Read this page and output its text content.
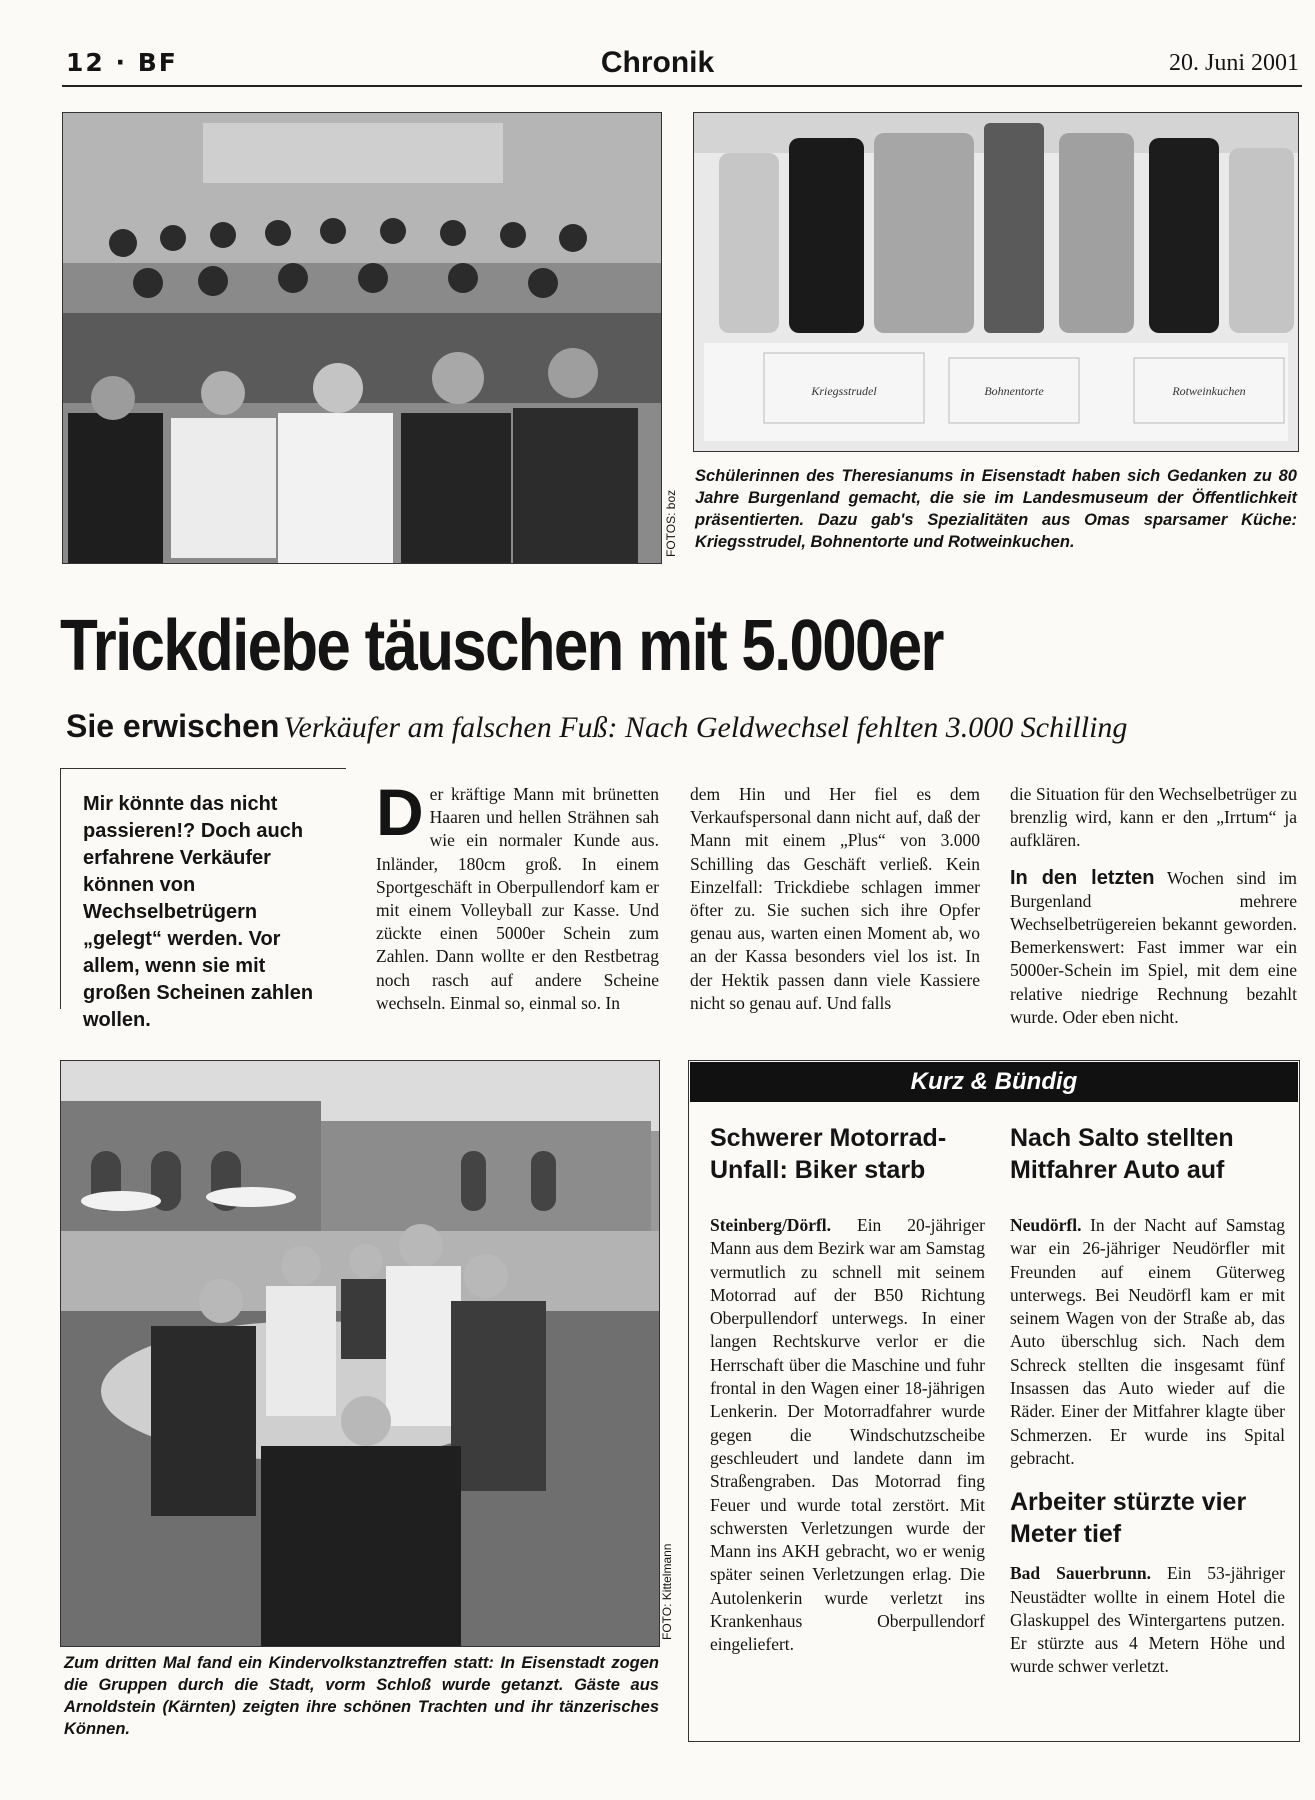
12 · BF	Chronik	20. Juni 2001
FOTOS: boz
Kriegsstrudel	Bohnentorte	Rotweinkuchen
Schülerinnen des Theresianums in Eisenstadt haben sich Gedanken zu 80 Jahre Burgenland gemacht, die sie im Landesmuseum der Öffentlichkeit präsentierten. Dazu gab's Spezialitäten aus Omas sparsamer Küche: Kriegsstrudel, Bohnentorte und Rotweinkuchen.
Trickdiebe täuschen mit 5.000er
Sie erwischen Verkäufer am falschen Fuß: Nach Geldwechsel fehlten 3.000 Schilling

Mir könnte das nicht passieren!? Doch auch erfahrene Verkäufer können von Wechselbetrügern „gelegt“ werden. Vor allem, wenn sie mit großen Scheinen zahlen wollen.

D er kräftige Mann mit brünetten Haaren und hellen Strähnen sah wie ein normaler Kunde aus. Inländer, 180cm groß. In einem Sportgeschäft in Oberpullendorf kam er mit einem Volleyball zur Kasse. Und zückte einen 5000er Schein zum Zahlen. Dann wollte er den Restbetrag noch rasch auf andere Scheine wechseln. Einmal so, einmal so. In

dem Hin und Her fiel es dem Verkaufspersonal dann nicht auf, daß der Mann mit einem „Plus“ von 3.000 Schilling das Geschäft verließ. Kein Einzelfall: Trickdiebe schlagen immer öfter zu. Sie suchen sich ihre Opfer genau aus, warten einen Moment ab, wo an der Kassa besonders viel los ist. In der Hektik passen dann viele Kassiere nicht so genau auf. Und falls

die Situation für den Wechselbetrüger zu brenzlig wird, kann er den „Irrtum“ ja aufklären.

In den letzten Wochen sind im Burgenland mehrere Wechselbetrügereien bekannt geworden. Bemerkenswert: Fast immer war ein 5000er-Schein im Spiel, mit dem eine relative niedrige Rechnung bezahlt wurde. Oder eben nicht.

FOTO: Kittelmann
Zum dritten Mal fand ein Kindervolkstanztreffen statt: In Eisenstadt zogen die Gruppen durch die Stadt, vorm Schloß wurde getanzt. Gäste aus Arnoldstein (Kärnten) zeigten ihre schönen Trachten und ihr tänzerisches Können.
Kurz & Bündig
Schwerer Motorrad-Unfall: Biker starb
Steinberg/Dörfl. Ein 20-jähriger Mann aus dem Bezirk war am Samstag vermutlich zu schnell mit seinem Motorrad auf der B50 Richtung Oberpullendorf unterwegs. In einer langen Rechtskurve verlor er die Herrschaft über die Maschine und fuhr frontal in den Wagen einer 18-jährigen Lenkerin. Der Motorradfahrer wurde gegen die Windschutzscheibe geschleudert und landete dann im Straßengraben. Das Motorrad fing Feuer und wurde total zerstört. Mit schwersten Verletzungen wurde der Mann ins AKH gebracht, wo er wenig später seinen Verletzungen erlag. Die Autolenkerin wurde verletzt ins Krankenhaus Oberpullendorf eingeliefert.
Nach Salto stellten Mitfahrer Auto auf
Neudörfl. In der Nacht auf Samstag war ein 26-jähriger Neudörfler mit Freunden auf einem Güterweg unterwegs. Bei Neudörfl kam er mit seinem Wagen von der Straße ab, das Auto überschlug sich. Nach dem Schreck stellten die insgesamt fünf Insassen das Auto wieder auf die Räder. Einer der Mitfahrer klagte über Schmerzen. Er wurde ins Spital gebracht.
Arbeiter stürzte vier Meter tief
Bad Sauerbrunn. Ein 53-jähriger Neustädter wollte in einem Hotel die Glaskuppel des Wintergartens putzen. Er stürzte aus 4 Metern Höhe und wurde schwer verletzt.
